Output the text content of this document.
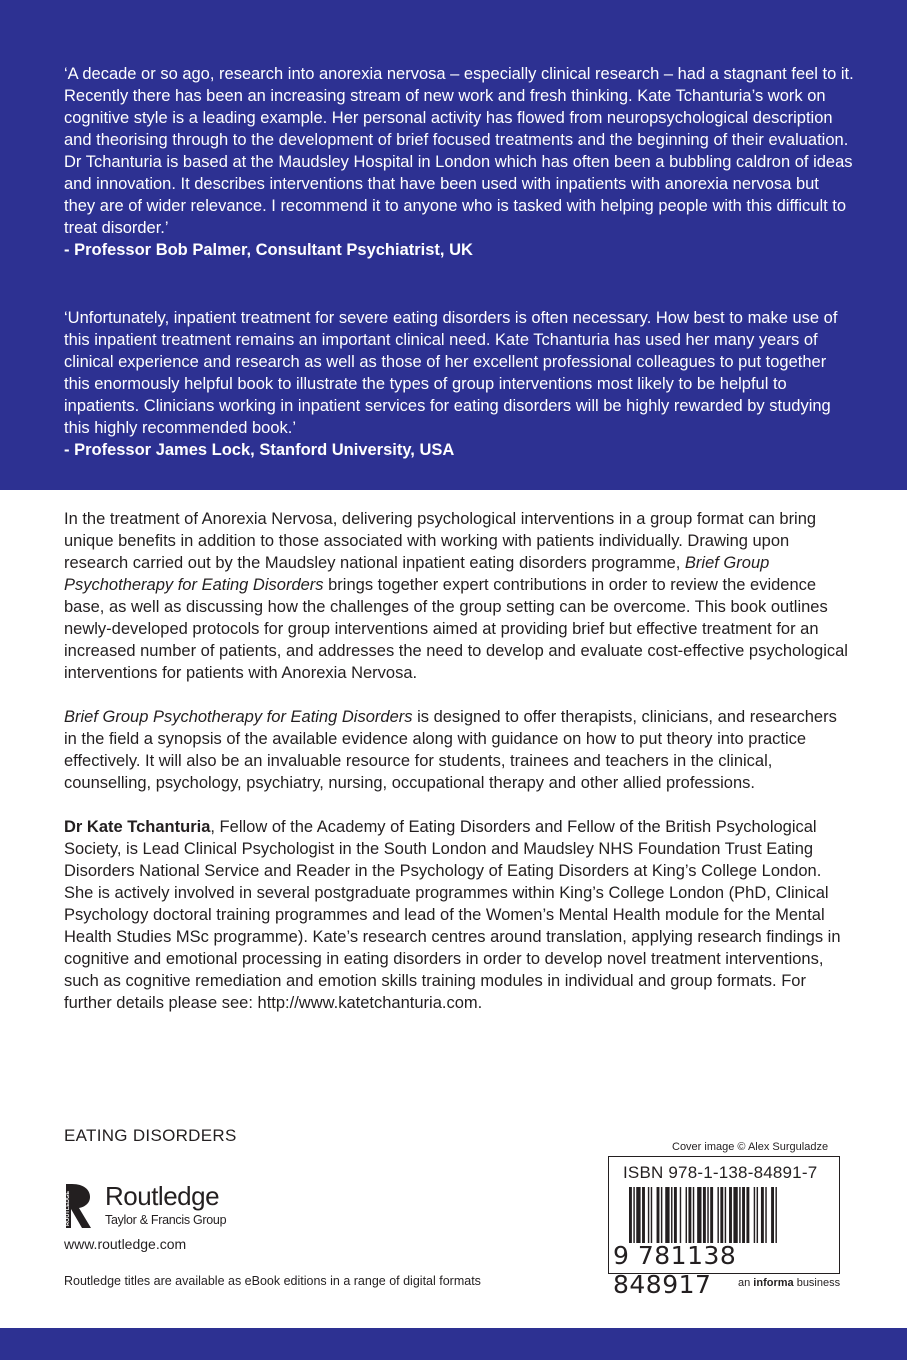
‘A decade or so ago, research into anorexia nervosa – especially clinical research – had a stagnant feel to it. Recently there has been an increasing stream of new work and fresh thinking. Kate Tchanturia’s work on cognitive style is a leading example. Her personal activity has flowed from neuropsychological description and theorising through to the development of brief focused treatments and the beginning of their evaluation. Dr Tchanturia is based at the Maudsley Hospital in London which has often been a bubbling caldron of ideas and innovation. It describes interventions that have been used with inpatients with anorexia nervosa but they are of wider relevance. I recommend it to anyone who is tasked with helping people with this difficult to treat disorder.’

- Professor Bob Palmer, Consultant Psychiatrist, UK

‘Unfortunately, inpatient treatment for severe eating disorders is often necessary. How best to make use of this inpatient treatment remains an important clinical need. Kate Tchanturia has used her many years of clinical experience and research as well as those of her excellent professional colleagues to put together this enormously helpful book to illustrate the types of group interventions most likely to be helpful to inpatients. Clinicians working in inpatient services for eating disorders will be highly rewarded by studying this highly recommended book.’

- Professor James Lock, Stanford University, USA

In the treatment of Anorexia Nervosa, delivering psychological interventions in a group format can bring unique benefits in addition to those associated with working with patients individually. Drawing upon research carried out by the Maudsley national inpatient eating disorders programme, Brief Group Psychotherapy for Eating Disorders brings together expert contributions in order to review the evidence base, as well as discussing how the challenges of the group setting can be overcome. This book outlines newly-developed protocols for group interventions aimed at providing brief but effective treatment for an increased number of patients, and addresses the need to develop and evaluate cost-effective psychological interventions for patients with Anorexia Nervosa.

Brief Group Psychotherapy for Eating Disorders is designed to offer therapists, clinicians, and researchers in the field a synopsis of the available evidence along with guidance on how to put theory into practice effectively. It will also be an invaluable resource for students, trainees and teachers in the clinical, counselling, psychology, psychiatry, nursing, occupational therapy and other allied professions.

Dr Kate Tchanturia, Fellow of the Academy of Eating Disorders and Fellow of the British Psychological Society, is Lead Clinical Psychologist in the South London and Maudsley NHS Foundation Trust Eating Disorders National Service and Reader in the Psychology of Eating Disorders at King’s College London. She is actively involved in several postgraduate programmes within King’s College London (PhD, Clinical Psychology doctoral training programmes and lead of the Women’s Mental Health module for the Mental Health Studies MSc programme). Kate’s research centres around translation, applying research findings in cognitive and emotional processing in eating disorders in order to develop novel treatment interventions, such as cognitive remediation and emotion skills training modules in individual and group formats. For further details please see: http://www.katetchanturia.com.

EATING DISORDERS
ROUTLEDGE Routledge
Taylor & Francis Group
www.routledge.com
Routledge titles are available as eBook editions in a range of digital formats
Cover image © Alex Surguladze
ISBN 978-1-138-84891-7
9 781138 848917	an informa business
